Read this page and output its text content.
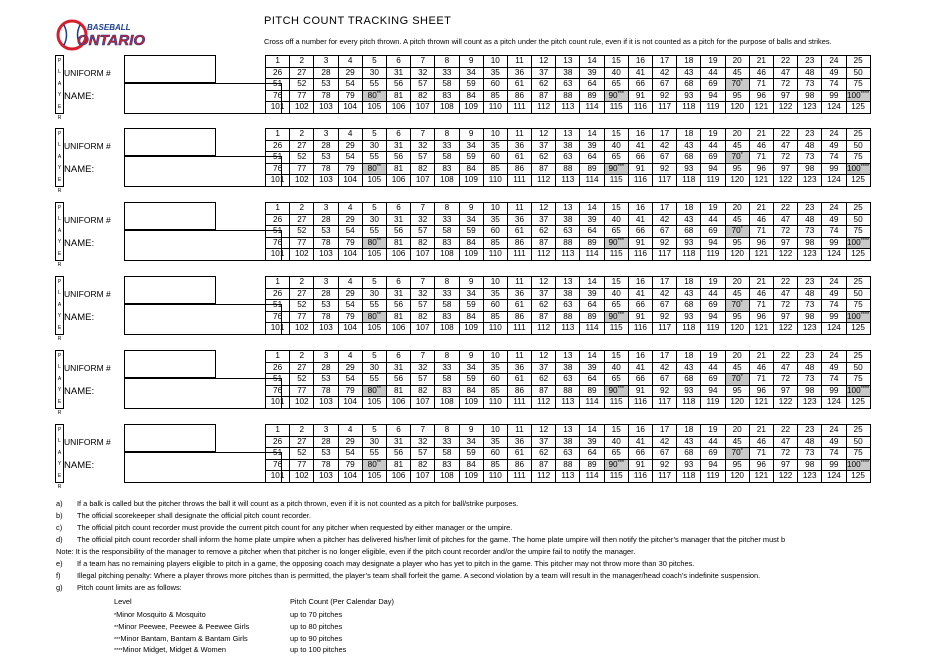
BASEBALL
ONTARIO
PITCH COUNT TRACKING SHEET
Cross off a number for every pitch thrown. A pitch thrown will count as a pitch under the pitch count rule, even if it is not counted as a pitch for the purpose of balls and strikes.
P
L
A
Y
E
R
UNIFORM #
NAME:
1	2	3	4	5	6	7	8	9	10	11	12	13	14	15	16	17	18	19	20	21	22	23	24	25
26	27	28	29	30	31	32	33	34	35	36	37	38	39	40	41	42	43	44	45	46	47	48	49	50
51	52	53	54	55	56	57	58	59	60	61	62	63	64	65	66	67	68	69	70*	71	72	73	74	75
76	77	78	79	80**	81	82	83	84	85	86	87	88	89	90***	91	92	93	94	95	96	97	98	99	100****
101	102	103	104	105	106	107	108	109	110	111	112	113	114	115	116	117	118	119	120	121	122	123	124	125
P
L
A
Y
E
R
UNIFORM #
NAME:
1	2	3	4	5	6	7	8	9	10	11	12	13	14	15	16	17	18	19	20	21	22	23	24	25
26	27	28	29	30	31	32	33	34	35	36	37	38	39	40	41	42	43	44	45	46	47	48	49	50
51	52	53	54	55	56	57	58	59	60	61	62	63	64	65	66	67	68	69	70*	71	72	73	74	75
76	77	78	79	80**	81	82	83	84	85	86	87	88	89	90***	91	92	93	94	95	96	97	98	99	100****
101	102	103	104	105	106	107	108	109	110	111	112	113	114	115	116	117	118	119	120	121	122	123	124	125
P
L
A
Y
E
R
UNIFORM #
NAME:
1	2	3	4	5	6	7	8	9	10	11	12	13	14	15	16	17	18	19	20	21	22	23	24	25
26	27	28	29	30	31	32	33	34	35	36	37	38	39	40	41	42	43	44	45	46	47	48	49	50
51	52	53	54	55	56	57	58	59	60	61	62	63	64	65	66	67	68	69	70*	71	72	73	74	75
76	77	78	79	80**	81	82	83	84	85	86	87	88	89	90***	91	92	93	94	95	96	97	98	99	100****
101	102	103	104	105	106	107	108	109	110	111	112	113	114	115	116	117	118	119	120	121	122	123	124	125
P
L
A
Y
E
R
UNIFORM #
NAME:
1	2	3	4	5	6	7	8	9	10	11	12	13	14	15	16	17	18	19	20	21	22	23	24	25
26	27	28	29	30	31	32	33	34	35	36	37	38	39	40	41	42	43	44	45	46	47	48	49	50
51	52	53	54	55	56	57	58	59	60	61	62	63	64	65	66	67	68	69	70*	71	72	73	74	75
76	77	78	79	80**	81	82	83	84	85	86	87	88	89	90***	91	92	93	94	95	96	97	98	99	100****
101	102	103	104	105	106	107	108	109	110	111	112	113	114	115	116	117	118	119	120	121	122	123	124	125
P
L
A
Y
E
R
UNIFORM #
NAME:
1	2	3	4	5	6	7	8	9	10	11	12	13	14	15	16	17	18	19	20	21	22	23	24	25
26	27	28	29	30	31	32	33	34	35	36	37	38	39	40	41	42	43	44	45	46	47	48	49	50
51	52	53	54	55	56	57	58	59	60	61	62	63	64	65	66	67	68	69	70*	71	72	73	74	75
76	77	78	79	80**	81	82	83	84	85	86	87	88	89	90***	91	92	93	94	95	96	97	98	99	100****
101	102	103	104	105	106	107	108	109	110	111	112	113	114	115	116	117	118	119	120	121	122	123	124	125
P
L
A
Y
E
R
UNIFORM #
NAME:
1	2	3	4	5	6	7	8	9	10	11	12	13	14	15	16	17	18	19	20	21	22	23	24	25
26	27	28	29	30	31	32	33	34	35	36	37	38	39	40	41	42	43	44	45	46	47	48	49	50
51	52	53	54	55	56	57	58	59	60	61	62	63	64	65	66	67	68	69	70*	71	72	73	74	75
76	77	78	79	80**	81	82	83	84	85	86	87	88	89	90***	91	92	93	94	95	96	97	98	99	100****
101	102	103	104	105	106	107	108	109	110	111	112	113	114	115	116	117	118	119	120	121	122	123	124	125
a) If a balk is called but the pitcher throws the ball it will count as a pitch thrown, even if it is not counted as a pitch for ball/strike purposes.
b) The official scorekeeper shall designate the official pitch count recorder.
c) The official pitch count recorder must provide the current pitch count for any pitcher when requested by either manager or the umpire.
d) The official pitch count recorder shall inform the home plate umpire when a pitcher has delivered his/her limit of pitches for the game. The home plate umpire will then notify the pitcher’s manager that the pitcher must b
Note: It is the responsibility of the manager to remove a pitcher when that pitcher is no longer eligible, even if the pitch count recorder and/or the umpire fail to notify the manager.
e) If a team has no remaining players eligible to pitch in a game, the opposing coach may designate a player who has yet to pitch in the game. This pitcher may not throw more than 30 pitches.
f) Illegal pitching penalty: Where a player throws more pitches than is permitted, the player’s team shall forfeit the game. A second violation by a team will result in the manager/head coach’s indefinite suspension.
g) Pitch count limits are as follows:
Level	Pitch Count (Per Calendar Day)
*Minor Mosquito & Mosquito	up to 70 pitches
**Minor Peewee, Peewee & Peewee Girls	up to 80 pitches
***Minor Bantam, Bantam & Bantam Girls	up to 90 pitches
****Minor Midget, Midget & Women	up to 100 pitches
